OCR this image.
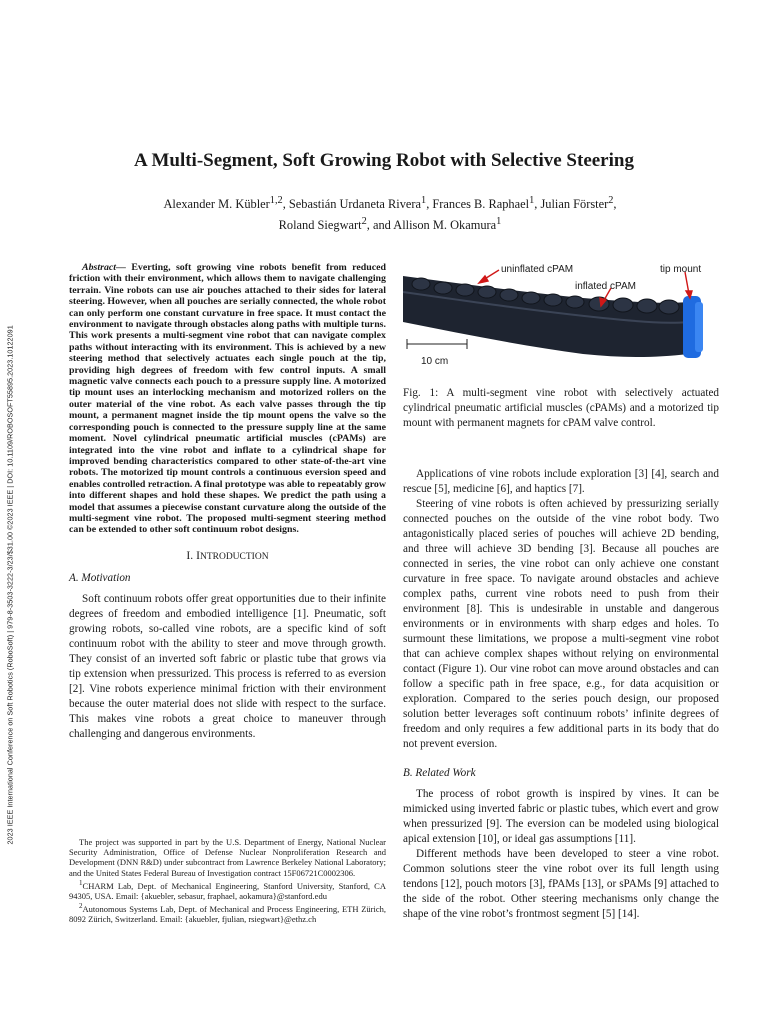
2023 IEEE International Conference on Soft Robotics (RoboSoft) | 979-8-3503-3222-3/23/$31.00 ©2023 IEEE | DOI: 10.1109/ROBOSOFT55895.2023.10122091
A Multi-Segment, Soft Growing Robot with Selective Steering
Alexander M. Kübler$^{1,2}$, Sebastián Urdaneta Rivera$^1$, Frances B. Raphael$^1$, Julian Förster$^2$,
Roland Siegwart$^2$, and Allison M. Okamura$^1$

Abstract— Everting, soft growing vine robots benefit from reduced friction with their environment, which allows them to navigate challenging terrain. Vine robots can use air pouches attached to their sides for lateral steering. However, when all pouches are serially connected, the whole robot can only perform one constant curvature in free space. It must contact the environment to navigate through obstacles along paths with multiple turns. This work presents a multi-segment vine robot that can navigate complex paths without interacting with its environment. This is achieved by a new steering method that selectively actuates each single pouch at the tip, providing high degrees of freedom with few control inputs. A small magnetic valve connects each pouch to a pressure supply line. A motorized tip mount uses an interlocking mechanism and motorized rollers on the outer material of the vine robot. As each valve passes through the tip mount, a permanent magnet inside the tip mount opens the valve so the corresponding pouch is connected to the pressure supply line at the same moment. Novel cylindrical pneumatic artificial muscles (cPAMs) are integrated into the vine robot and inflate to a cylindrical shape for improved bending characteristics compared to other state-of-the-art vine robots. The motorized tip mount controls a continuous eversion speed and enables controlled retraction. A final prototype was able to repeatably grow into different shapes and hold these shapes. We predict the path using a model that assumes a piecewise constant curvature along the outside of the multi-segment vine robot. The proposed multi-segment steering method can be extended to other soft continuum robot designs.

I. INTRODUCTION
A. Motivation

Soft continuum robots offer great opportunities due to their infinite degrees of freedom and embodied intelligence [1]. Pneumatic, soft growing robots, so-called vine robots, are a specific kind of soft continuum robot with the ability to steer and move through growth. They consist of an inverted soft fabric or plastic tube that grows via tip extension when pressurized. This process is referred to as eversion [2]. Vine robots experience minimal friction with their environment because the outer material does not slide with respect to the surface. This makes vine robots a great choice to maneuver through challenging and dangerous environments.

The project was supported in part by the U.S. Department of Energy, National Nuclear Security Administration, Office of Defense Nuclear Nonproliferation Research and Development (DNN R&D) under subcontract from Lawrence Berkeley National Laboratory; and the United States Federal Bureau of Investigation contract 15F06721C0002306.

$^1$CHARM Lab, Dept. of Mechanical Engineering, Stanford University, Stanford, CA 94305, USA. Email: {akuebler, sebasur, fraphael, aokamura}@stanford.edu

$^2$Autonomous Systems Lab, Dept. of Mechanical and Process Engineering, ETH Zürich, 8092 Zürich, Switzerland. Email: {akuebler, fjulian, rsiegwart}@ethz.ch

uninflated cPAM
inflated cPAM
tip mount
10 cm

Fig. 1: A multi-segment vine robot with selectively actuated cylindrical pneumatic artificial muscles (cPAMs) and a motorized tip mount with permanent magnets for cPAM valve control.

Applications of vine robots include exploration [3] [4], search and rescue [5], medicine [6], and haptics [7].

Steering of vine robots is often achieved by pressurizing serially connected pouches on the outside of the vine robot body. Two antagonistically placed series of pouches will achieve 2D bending, and three will achieve 3D bending [3]. Because all pouches are connected in series, the vine robot can only achieve one constant curvature in free space. To navigate around obstacles and achieve complex paths, current vine robots need to push from their environment [8]. This is undesirable in unstable and dangerous environments or in environments with sharp edges and holes. To surmount these limitations, we propose a multi-segment vine robot that can achieve complex shapes without relying on environmental contact (Figure 1). Our vine robot can move around obstacles and can follow a specific path in free space, e.g., for data acquisition or exploration. Compared to the series pouch design, our proposed solution better leverages soft continuum robots’ infinite degrees of freedom and only requires a few additional parts in its body that do not prevent eversion.

B. Related Work

The process of robot growth is inspired by vines. It can be mimicked using inverted fabric or plastic tubes, which evert and grow when pressurized [9]. The eversion can be modeled using biological apical extension [10], or ideal gas assumptions [11].

Different methods have been developed to steer a vine robot. Common solutions steer the vine robot over its full length using tendons [12], pouch motors [3], fPAMs [13], or sPAMs [9] attached to the side of the robot. Other steering mechanisms only change the shape of the vine robot’s frontmost segment [5] [14].
